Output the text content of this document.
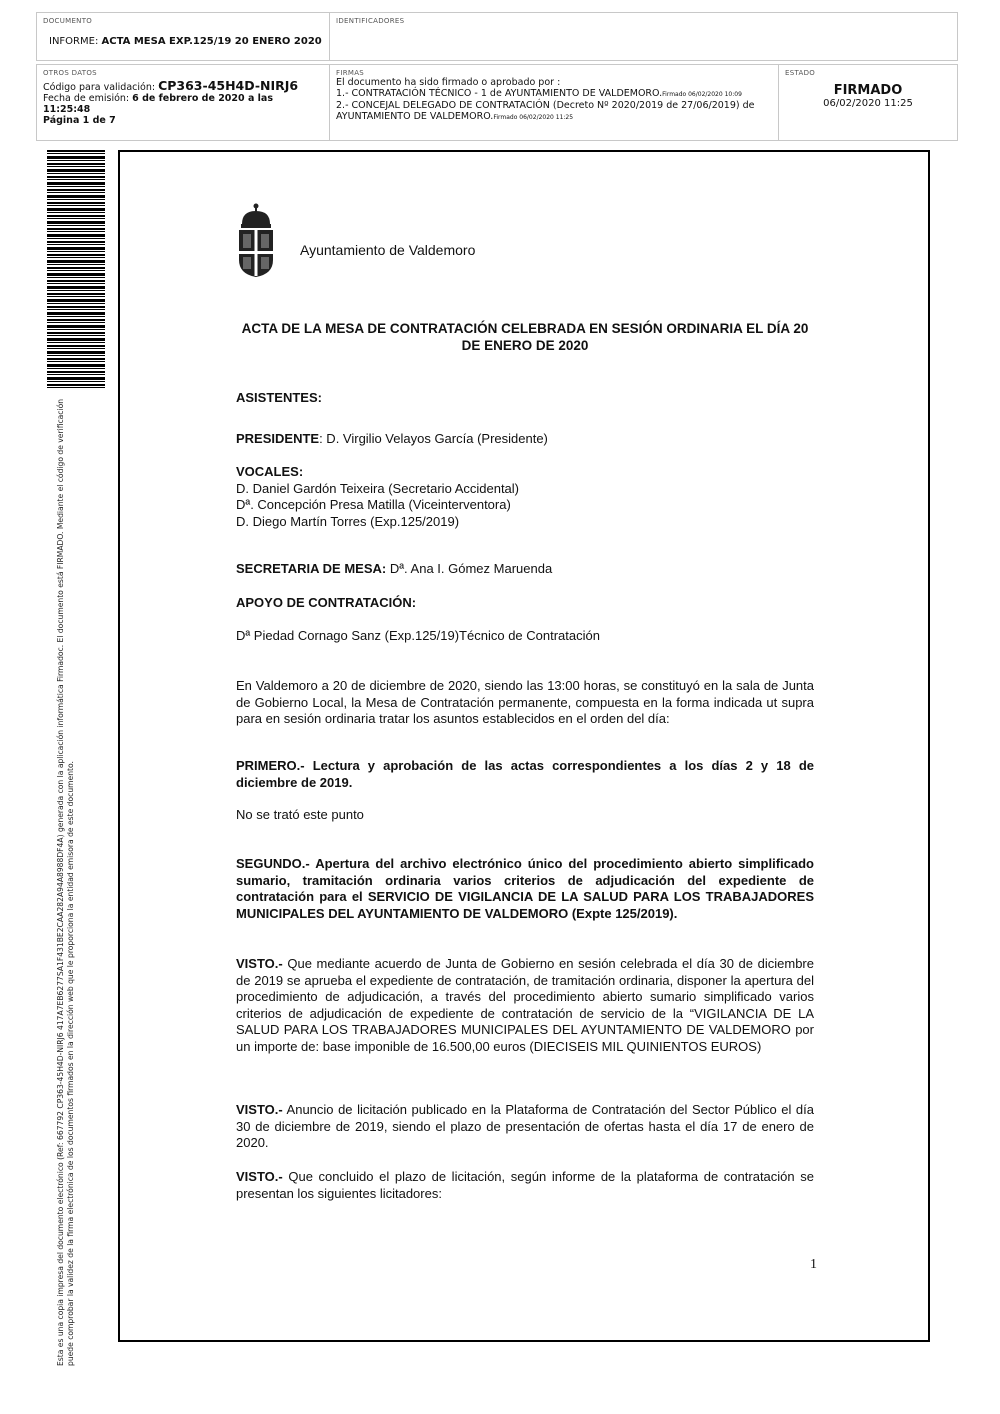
DOCUMENTO
INFORME: ACTA MESA EXP.125/19 20 ENERO 2020
IDENTIFICADORES
OTROS DATOS
Código para validación: CP363-45H4D-NIRJ6
Fecha de emisión: 6 de febrero de 2020 a las 11:25:48
Página 1 de 7
FIRMAS
El documento ha sido firmado o aprobado por :
1.- CONTRATACIÓN TÉCNICO - 1 de AYUNTAMIENTO DE VALDEMORO.Firmado 06/02/2020 10:09
2.- CONCEJAL DELEGADO DE CONTRATACIÓN (Decreto Nº 2020/2019 de 27/06/2019) de
AYUNTAMIENTO DE VALDEMORO.Firmado 06/02/2020 11:25
ESTADO
FIRMADO
06/02/2020 11:25
Esta es una copia impresa del documento electrónico (Ref: 667792 CP363-45H4D-NIRJ6 417A7EB6277SA1F431BE2CAA282A94A8988DF4A) generada con la aplicación informática Firmadoc. El documento está FIRMADO. Mediante el código de verificación puede comprobar la validez de la firma electrónica de los documentos firmados en la dirección web que le proporciona la entidad emisora de este documento.
Ayuntamiento de Valdemoro
ACTA DE LA MESA DE CONTRATACIÓN CELEBRADA EN SESIÓN ORDINARIA EL DÍA 20
DE ENERO DE 2020
ASISTENTES:
PRESIDENTE: D. Virgilio Velayos García (Presidente)
VOCALES:
D. Daniel Gardón Teixeira (Secretario Accidental)
Dª. Concepción Presa Matilla (Viceinterventora)
D. Diego Martín Torres (Exp.125/2019)
SECRETARIA DE MESA: Dª. Ana I. Gómez Maruenda
APOYO DE CONTRATACIÓN:
Dª Piedad Cornago Sanz (Exp.125/19)Técnico de Contratación
En Valdemoro a 20 de diciembre de 2020, siendo las 13:00 horas, se constituyó en la sala de Junta de Gobierno Local, la Mesa de Contratación permanente, compuesta en la forma indicada ut supra para en sesión ordinaria tratar los asuntos establecidos en el orden del día:
PRIMERO.- Lectura y aprobación de las actas correspondientes a los días 2 y 18 de diciembre de 2019.
No se trató este punto
SEGUNDO.- Apertura del archivo electrónico único del procedimiento abierto simplificado sumario, tramitación ordinaria varios criterios de adjudicación del expediente de contratación para el SERVICIO DE VIGILANCIA DE LA SALUD PARA LOS TRABAJADORES MUNICIPALES DEL AYUNTAMIENTO DE VALDEMORO (Expte 125/2019).
VISTO.- Que mediante acuerdo de Junta de Gobierno en sesión celebrada el día 30 de diciembre de 2019 se aprueba el expediente de contratación, de tramitación ordinaria, disponer la apertura del procedimiento de adjudicación, a través del procedimiento abierto sumario simplificado varios criterios de adjudicación de expediente de contratación de servicio de la “VIGILANCIA DE LA SALUD PARA LOS TRABAJADORES MUNICIPALES DEL AYUNTAMIENTO DE VALDEMORO por un importe de: base imponible de 16.500,00 euros (DIECISEIS MIL QUINIENTOS EUROS)
VISTO.- Anuncio de licitación publicado en la Plataforma de Contratación del Sector Público el día 30 de diciembre de 2019, siendo el plazo de presentación de ofertas hasta el día 17 de enero de 2020.
VISTO.- Que concluido el plazo de licitación, según informe de la plataforma de contratación se presentan los siguientes licitadores:
1
